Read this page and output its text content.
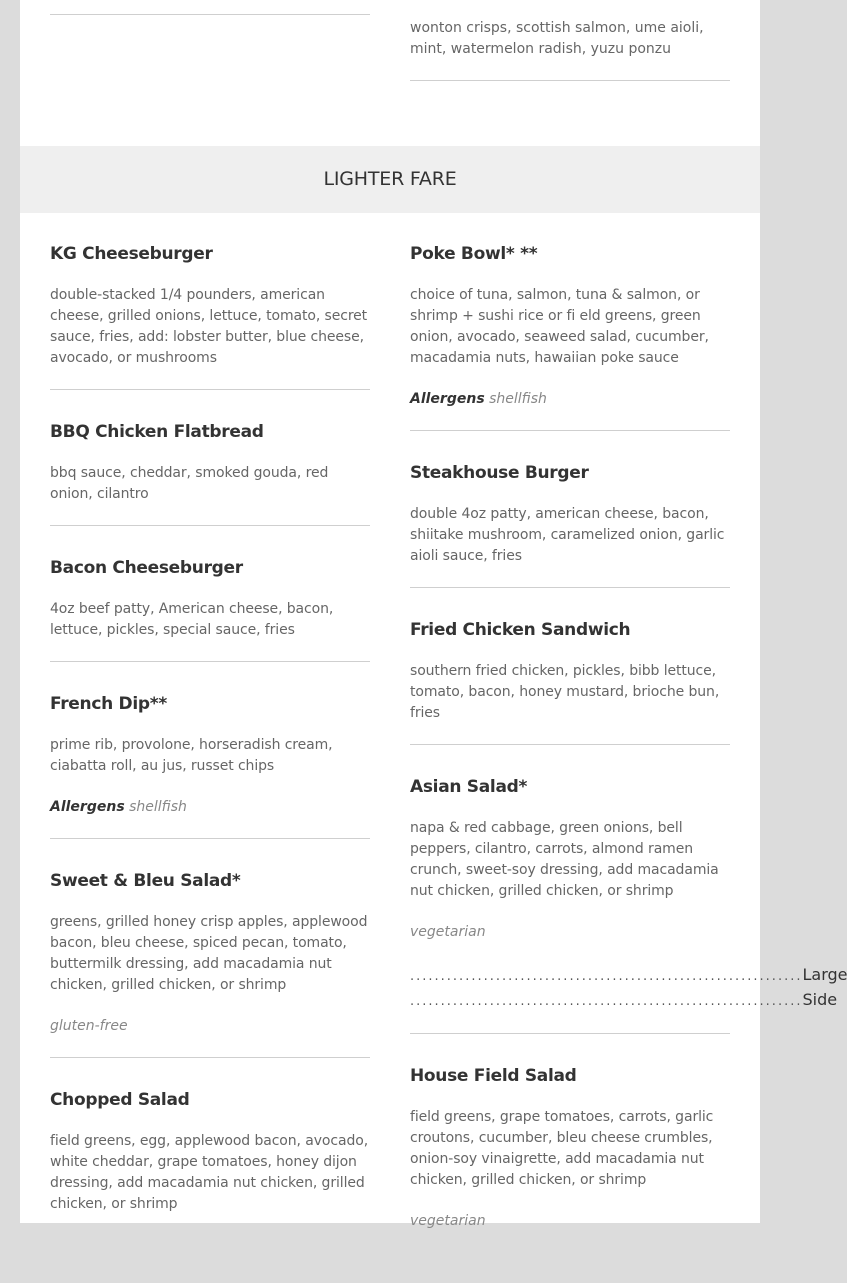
wonton crisps, scottish salmon, ume aioli, mint, watermelon radish, yuzu ponzu
LIGHTER FARE
KG Cheeseburger
double-stacked 1/4 pounders, american cheese, grilled onions, lettuce, tomato, secret sauce, fries, add: lobster butter, blue cheese, avocado, or mushrooms
BBQ Chicken Flatbread
bbq sauce, cheddar, smoked gouda, red onion, cilantro
Bacon Cheeseburger
4oz beef patty, American cheese, bacon, lettuce, pickles, special sauce, fries
French Dip**
prime rib, provolone, horseradish cream, ciabatta roll, au jus, russet chips
Allergens shellfish
Sweet & Bleu Salad*
greens, grilled honey crisp apples, applewood bacon, bleu cheese, spiced pecan, tomato, buttermilk dressing, add macadamia nut chicken, grilled chicken, or shrimp
gluten-free
Chopped Salad
field greens, egg, applewood bacon, avocado, white cheddar, grape tomatoes, honey dijon dressing, add macadamia nut chicken, grilled chicken, or shrimp
Poke Bowl* **
choice of tuna, salmon, tuna & salmon, or shrimp + sushi rice or fi eld greens, green onion, avocado, seaweed salad, cucumber, macadamia nuts, hawaiian poke sauce
Allergens shellfish
Steakhouse Burger
double 4oz patty, american cheese, bacon, shiitake mushroom, caramelized onion, garlic aioli sauce, fries
Fried Chicken Sandwich
southern fried chicken, pickles, bibb lettuce, tomato, bacon, honey mustard, brioche bun, fries
Asian Salad*
napa & red cabbage, green onions, bell peppers, cilantro, carrots, almond ramen crunch, sweet-soy dressing, add macadamia nut chicken, grilled chicken, or shrimp
vegetarian
................................................................ Large
................................................................ Side
House Field Salad
field greens, grape tomatoes, carrots, garlic croutons, cucumber, bleu cheese crumbles, onion-soy vinaigrette, add macadamia nut chicken, grilled chicken, or shrimp
vegetarian
